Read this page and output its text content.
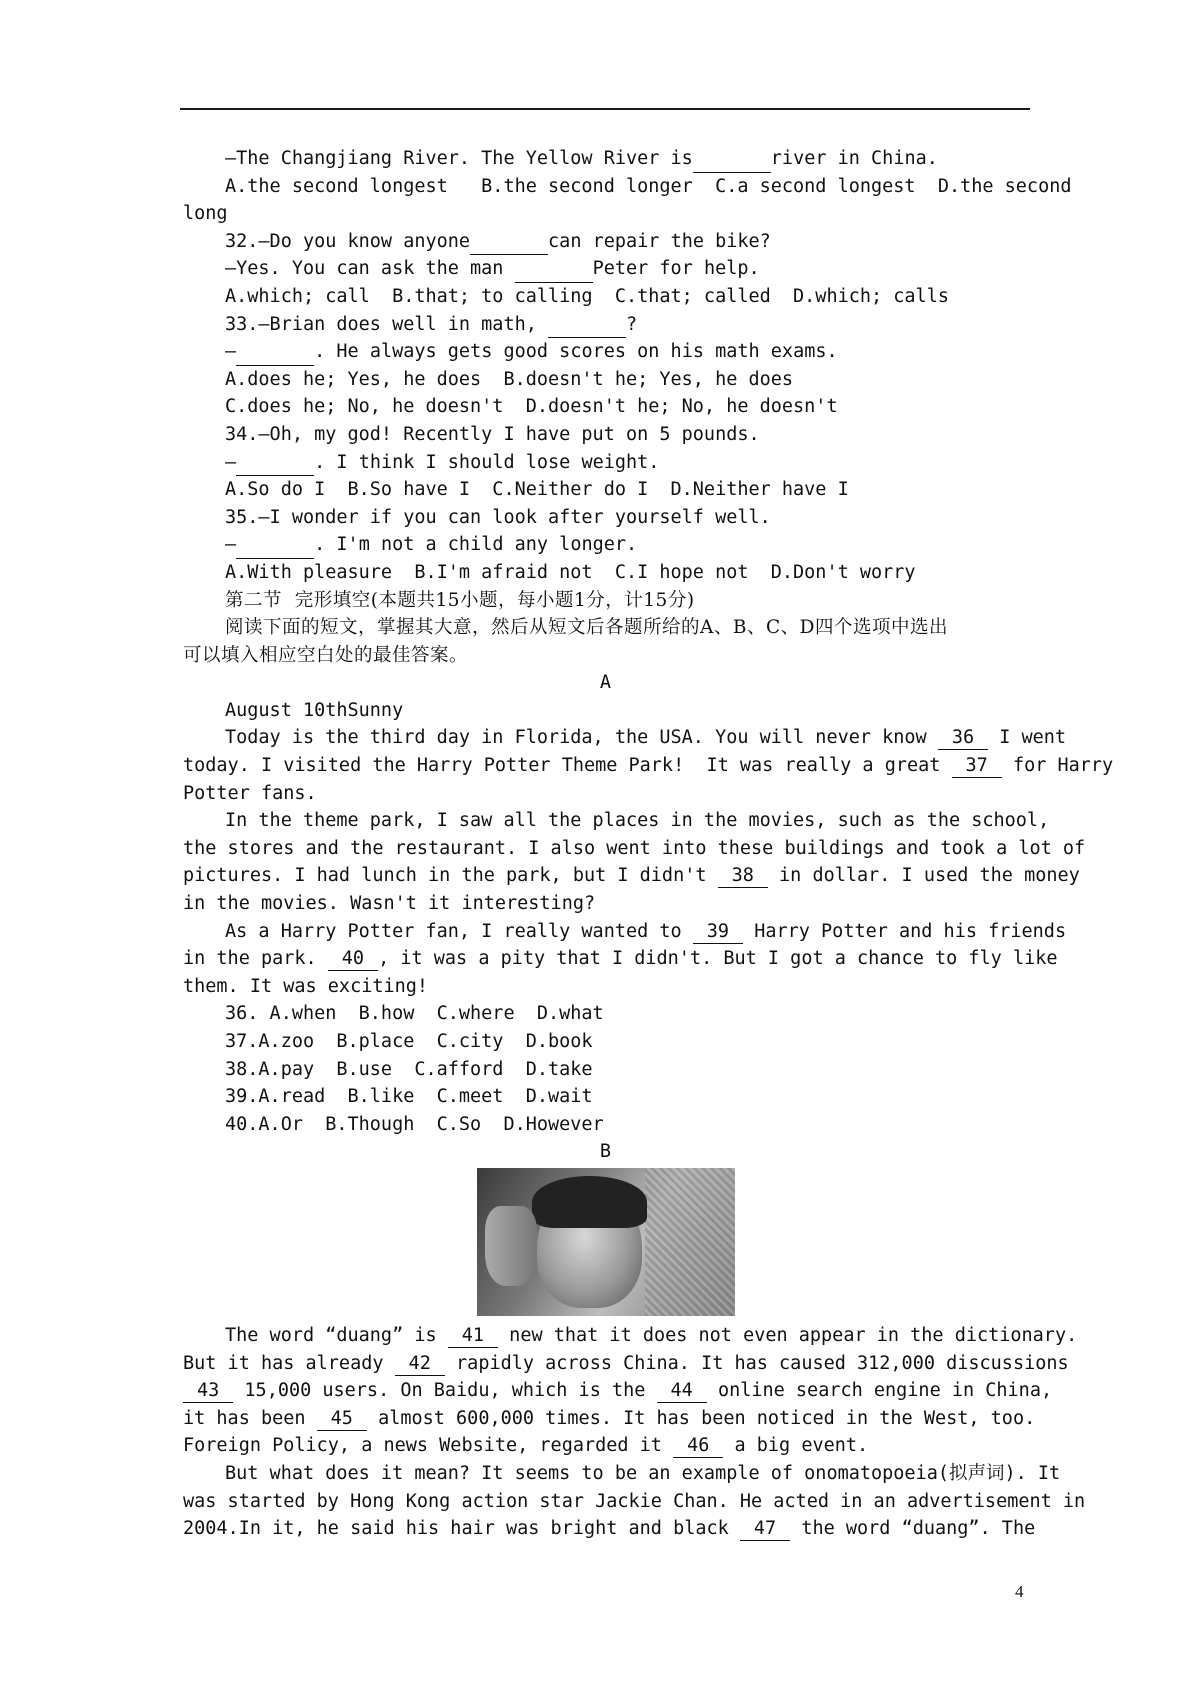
—The Changjiang River. The Yellow River is	river in China.
A.the second longest   B.the second longer  C.a second longest  D.the second
long
32.—Do you know anyone	can repair the bike?
—Yes. You can ask the man	Peter for help.
A.which; call  B.that; to calling  C.that; called  D.which; calls
33.—Brian does well in math,	?
—	. He always gets good scores on his math exams.
A.does he; Yes, he does  B.doesn't he; Yes, he does
C.does he; No, he doesn't  D.doesn't he; No, he doesn't
34.—Oh, my god! Recently I have put on 5 pounds.
—	. I think I should lose weight.
A.So do I  B.So have I  C.Neither do I  D.Neither have I
35.—I wonder if you can look after yourself well.
—	. I'm not a child any longer.
A.With pleasure  B.I'm afraid not  C.I hope not  D.Don't worry
第二节  完形填空(本题共15小题，每小题1分，计15分)
阅读下面的短文，掌握其大意，然后从短文后各题所给的A、B、C、D四个选项中选出
可以填入相应空白处的最佳答案。
A
August 10thSunny
Today is the third day in Florida, the USA. You will never know 36 I went
today. I visited the Harry Potter Theme Park!  It was really a great 37 for Harry
Potter fans.
In the theme park, I saw all the places in the movies, such as the school,
the stores and the restaurant. I also went into these buildings and took a lot of
pictures. I had lunch in the park, but I didn't 38 in dollar. I used the money
in the movies. Wasn't it interesting?
As a Harry Potter fan, I really wanted to 39 Harry Potter and his friends
in the park. 40 , it was a pity that I didn't. But I got a chance to fly like
them. It was exciting!
36. A.when  B.how  C.where  D.what
37.A.zoo  B.place  C.city  D.book
38.A.pay  B.use  C.afford  D.take
39.A.read  B.like  C.meet  D.wait
40.A.Or  B.Though  C.So  D.However
B
The word “duang” is 41 new that it does not even appear in the dictionary.
But it has already 42 rapidly across China. It has caused 312,000 discussions
43 15,000 users. On Baidu, which is the 44 online search engine in China,
it has been 45 almost 600,000 times. It has been noticed in the West, too.
Foreign Policy, a news Website, regarded it 46 a big event.
But what does it mean? It seems to be an example of onomatopoeia(拟声词). It
was started by Hong Kong action star Jackie Chan. He acted in an advertisement in
2004.In it, he said his hair was bright and black 47 the word “duang”. The
4
